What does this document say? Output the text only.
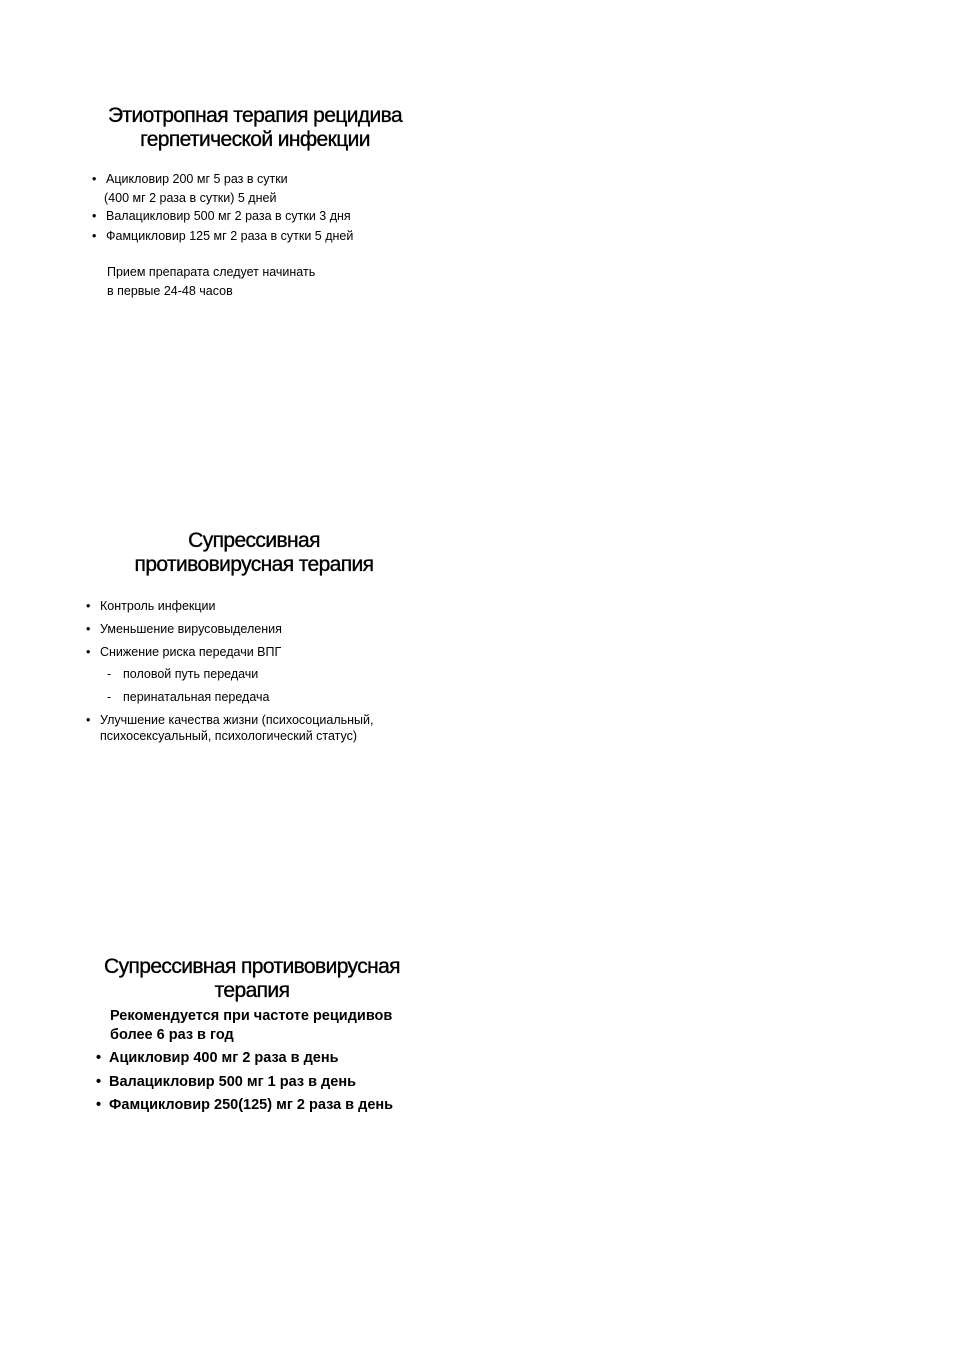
Этиотропная терапия рецидива
герпетической инфекции
• Ацикловир 200 мг 5 раз в сутки
(400 мг 2 раза в сутки) 5 дней
• Валацикловир 500 мг 2 раза в сутки 3 дня
• Фамцикловир 125 мг 2 раза в сутки 5 дней
Прием препарата следует начинать
в первые 24-48 часов
Супрессивная
противовирусная терапия
• Контроль инфекции
• Уменьшение вирусовыделения
• Снижение риска передачи ВПГ
- половой путь передачи
- перинатальная передача
• Улучшение качества жизни (психосоциальный,
психосексуальный, психологический статус)
Супрессивная противовирусная
терапия
Рекомендуется при частоте рецидивов
более 6 раз в год
• Ацикловир 400 мг 2 раза в день
• Валацикловир 500 мг 1 раз в день
• Фамцикловир 250(125) мг 2 раза в день
